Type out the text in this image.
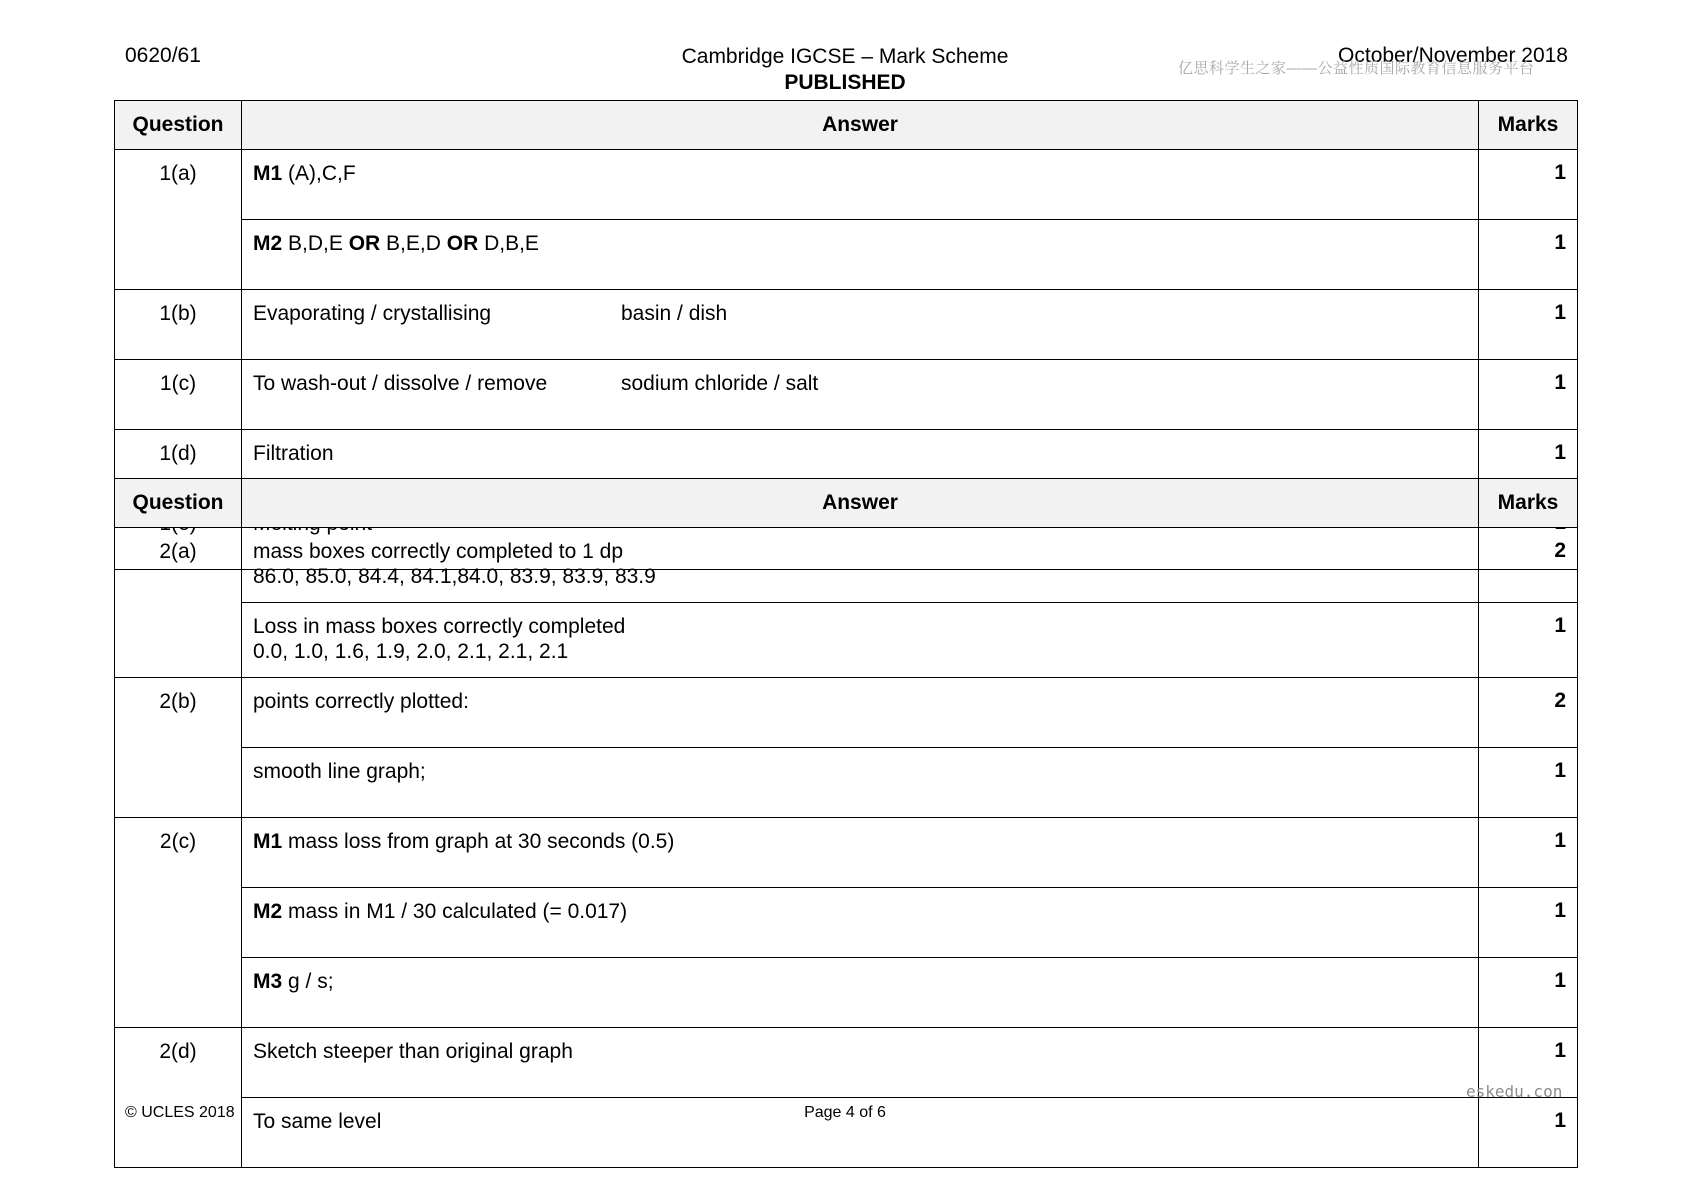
0620/61	Cambridge IGCSE – Mark Scheme
PUBLISHED
October/November 2018
亿思科学生之家——公益性质国际教育信息服务平台
Question	Answer	Marks
1(a)	M1 (A),C,F	1
	M2 B,D,E OR B,E,D OR D,B,E	1
1(b)	Evaporating / crystallising basin / dish	1
1(c)	To wash-out / dissolve / remove sodium chloride / salt	1
1(d)	Filtration	1

Question	Answer	Marks
2(a)	mass boxes correctly completed to 1 dp
86.0, 85.0, 84.4, 84.1,84.0, 83.9, 83.9, 83.9	2

	Loss in mass boxes correctly completed
0.0, 1.0, 1.6, 1.9, 2.0, 2.1, 2.1, 2.1	1
2(b)	points correctly plotted:	2
	smooth line graph;	1
2(c)	M1 mass loss from graph at 30 seconds (0.5)	1
	M2 mass in M1 / 30 calculated (= 0.017)	1
	M3 g / s;	1
2(d)	Sketch steeper than original graph	1
	To same level	1
eskedu.con
© UCLES 2018	Page 4 of 6
